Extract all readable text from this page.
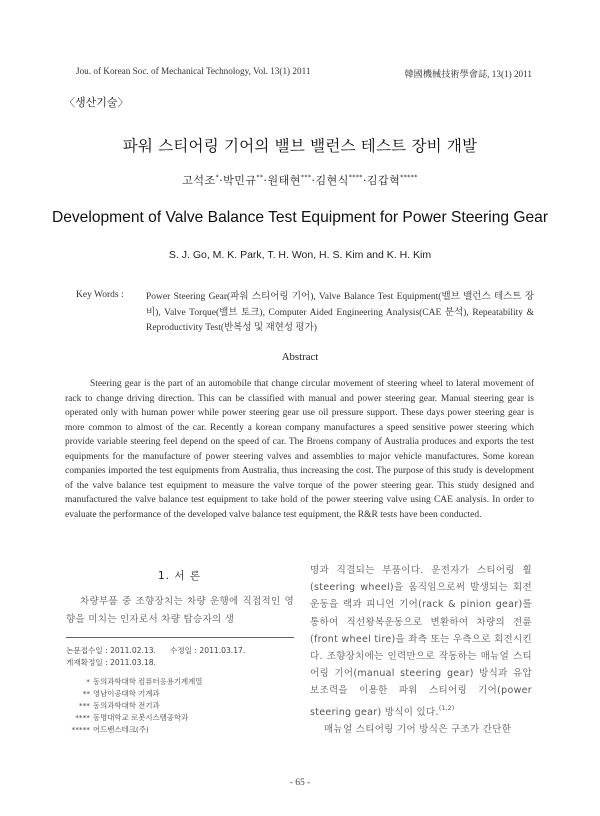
Jou. of Korean Soc. of Mechanical Technology, Vol. 13(1) 2011	韓國機械技術學會誌, 13(1) 2011
〈생산기술〉
파워 스티어링 기어의 밸브 밸런스 테스트 장비 개발
고석조*·박민규**·원태현***·김현식****·김갑혁*****
Development of Valve Balance Test Equipment for Power Steering Gear
S. J. Go, M. K. Park, T. H. Won, H. S. Kim and K. H. Kim
Key Words : Power Steering Gear(파워 스티어링 기어), Valve Balance Test Equipment(밸브 밸런스 테스트 장비), Valve Torque(밸브 토크), Computer Aided Engineering Analysis(CAE 분석), Repeatability & Reproductivity Test(반복성 및 재현성 평가)
Abstract
Steering gear is the part of an automobile that change circular movement of steering wheel to lateral movement of rack to change driving direction. This can be classified with manual and power steering gear. Manual steering gear is operated only with human power while power steering gear use oil pressure support. These days power steering gear is more common to almost of the car. Recently a korean company manufactures a speed sensitive power steering which provide variable steering feel depend on the speed of car. The Broens company of Australia produces and exports the test equipments for the manufacture of power steering valves and assemblies to major vehicle manufactures. Some korean companies imported the test equipments from Australia, thus increasing the cost. The purpose of this study is development of the valve balance test equipment to measure the valve torque of the power steering gear. This study designed and manufactured the valve balance test equipment to take hold of the power steering valve using CAE analysis. In order to evaluate the performance of the developed valve balance test equipment, the R&R tests have been conducted.
1. 서 론
차량부품 중 조향장치는 차량 운행에 직접적인 영향을 미치는 인자로서 차량 탑승자의 생
논문접수일 : 2011.02.13. 수정일 : 2011.03.17.
게재확정일 : 2011.03.18.
* 동의과학대학 컴퓨터응용기계계열
** 영남이공대학 기계과
*** 동의과학대학 전기과
**** 동명대학교 로봇시스템공학과
***** 어드밴스테크(주)

명과 직결되는 부품이다. 운전자가 스티어링 휠(steering wheel)을 움직임으로써 발생되는 회전운동을 랙과 피니언 기어(rack & pinion gear)를 통하여 직선왕복운동으로 변환하여 차량의 전륜(front wheel tire)을 좌측 또는 우측으로 회전시킨다. 조향장치에는 인력만으로 작동하는 매뉴얼 스티어링 기어(manual steering gear) 방식과 유압 보조력을 이용한 파워 스티어링 기어(power steering gear) 방식이 있다.$^{(1,2)}$

매뉴얼 스티어링 기어 방식은 구조가 간단한

- 65 -
